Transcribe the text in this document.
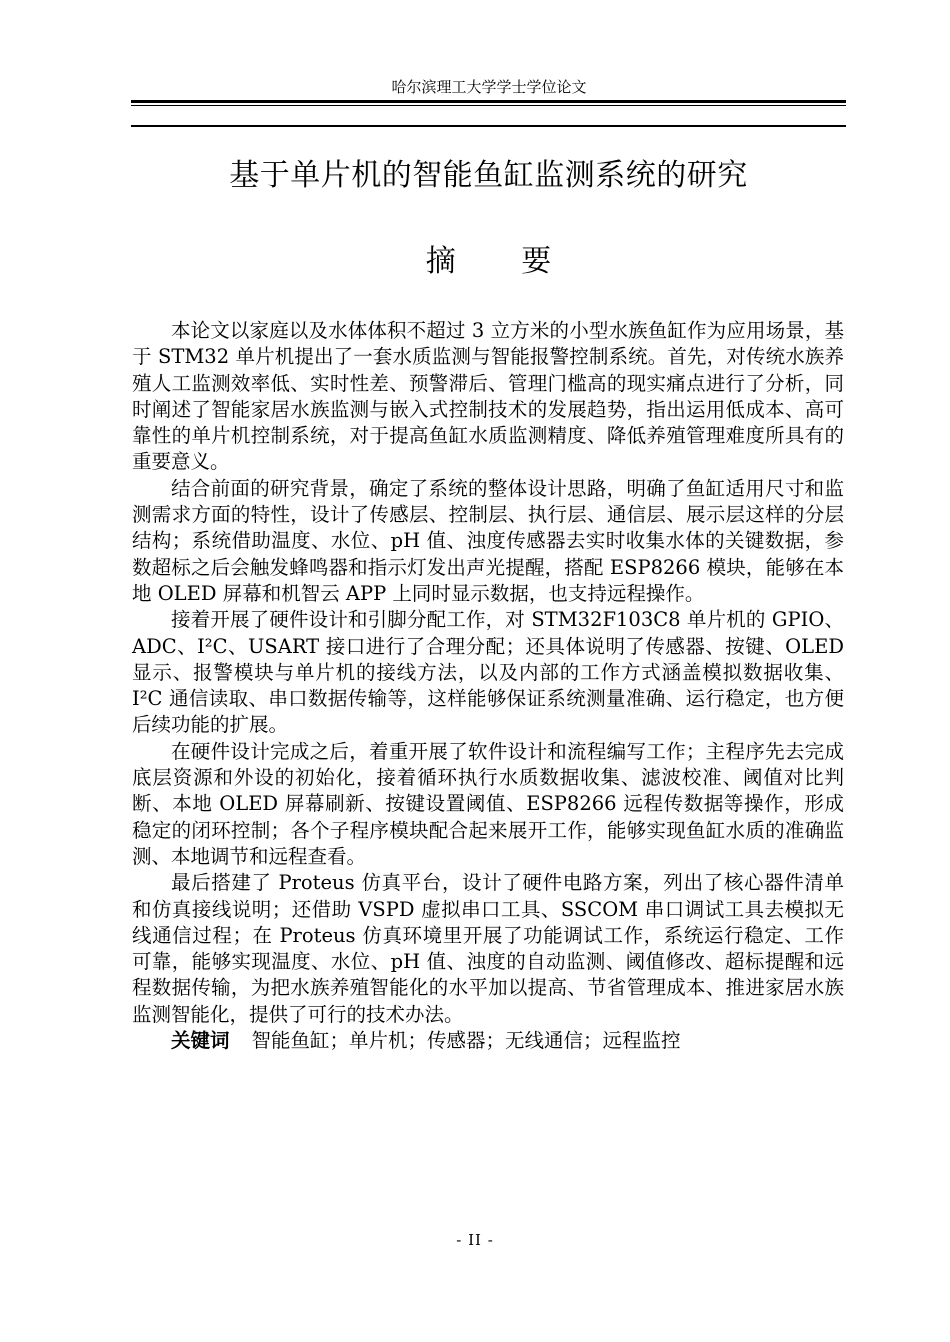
哈尔滨理工大学学士学位论文
基于单片机的智能鱼缸监测系统的研究
摘 要

本论文以家庭以及水体体积不超过 3 立方米的小型水族鱼缸作为应用场景，基于 STM32 单片机提出了一套水质监测与智能报警控制系统。首先，对传统水族养殖人工监测效率低、实时性差、预警滞后、管理门槛高的现实痛点进行了分析，同时阐述了智能家居水族监测与嵌入式控制技术的发展趋势，指出运用低成本、高可靠性的单片机控制系统，对于提高鱼缸水质监测精度、降低养殖管理难度所具有的重要意义。

结合前面的研究背景，确定了系统的整体设计思路，明确了鱼缸适用尺寸和监测需求方面的特性，设计了传感层、控制层、执行层、通信层、展示层这样的分层结构；系统借助温度、水位、pH 值、浊度传感器去实时收集水体的关键数据，参数超标之后会触发蜂鸣器和指示灯发出声光提醒，搭配 ESP8266 模块，能够在本地 OLED 屏幕和机智云 APP 上同时显示数据，也支持远程操作。

接着开展了硬件设计和引脚分配工作，对 STM32F103C8 单片机的 GPIO、ADC、I²C、USART 接口进行了合理分配；还具体说明了传感器、按键、OLED 显示、报警模块与单片机的接线方法，以及内部的工作方式涵盖模拟数据收集、I²C 通信读取、串口数据传输等，这样能够保证系统测量准确、运行稳定，也方便后续功能的扩展。

在硬件设计完成之后，着重开展了软件设计和流程编写工作；主程序先去完成底层资源和外设的初始化，接着循环执行水质数据收集、滤波校准、阈值对比判断、本地 OLED 屏幕刷新、按键设置阈值、ESP8266 远程传数据等操作，形成稳定的闭环控制；各个子程序模块配合起来展开工作，能够实现鱼缸水质的准确监测、本地调节和远程查看。

最后搭建了 Proteus 仿真平台，设计了硬件电路方案，列出了核心器件清单和仿真接线说明；还借助 VSPD 虚拟串口工具、SSCOM 串口调试工具去模拟无线通信过程；在 Proteus 仿真环境里开展了功能调试工作，系统运行稳定、工作可靠，能够实现温度、水位、pH 值、浊度的自动监测、阈值修改、超标提醒和远程数据传输，为把水族养殖智能化的水平加以提高、节省管理成本、推进家居水族监测智能化，提供了可行的技术办法。

关键词 智能鱼缸；单片机；传感器；无线通信；远程监控

- II -
